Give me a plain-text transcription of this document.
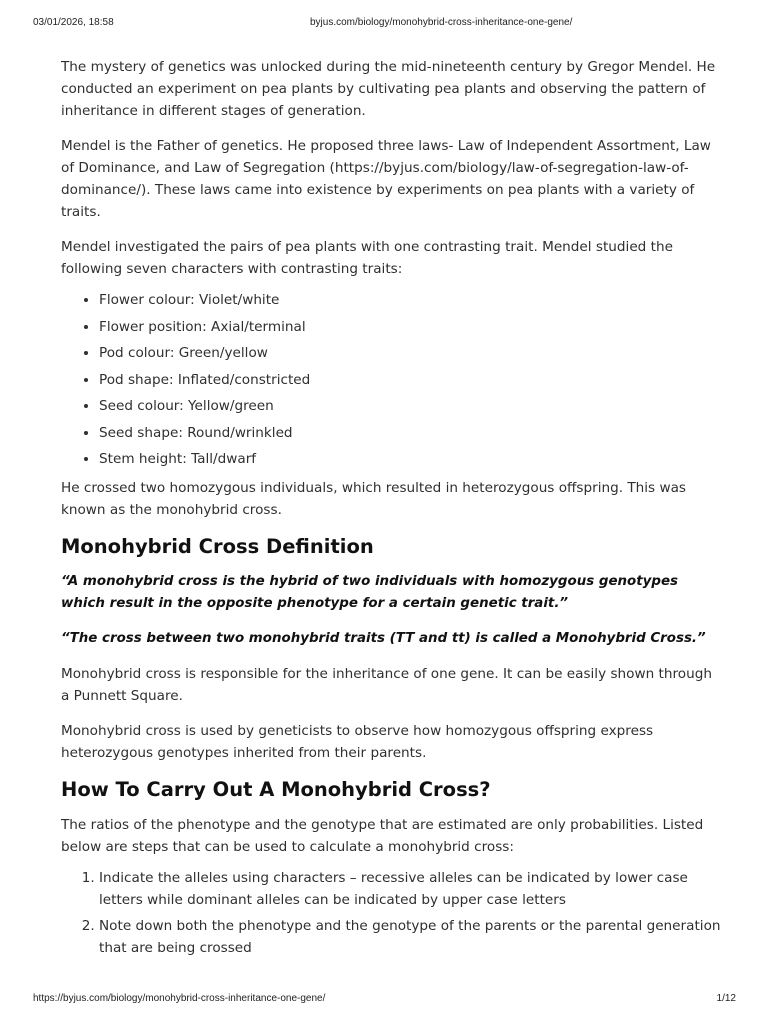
03/01/2026, 18:58	byjus.com/biology/monohybrid-cross-inheritance-one-gene/

The mystery of genetics was unlocked during the mid-nineteenth century by Gregor Mendel. He conducted an experiment on pea plants by cultivating pea plants and observing the pattern of inheritance in different stages of generation.

Mendel is the Father of genetics. He proposed three laws- Law of Independent Assortment, Law of Dominance, and Law of Segregation (https://byjus.com/biology/law-of-segregation-law-of-dominance/). These laws came into existence by experiments on pea plants with a variety of traits.

Mendel investigated the pairs of pea plants with one contrasting trait. Mendel studied the following seven characters with contrasting traits:

• Flower colour: Violet/white
• Flower position: Axial/terminal
• Pod colour: Green/yellow
• Pod shape: Inflated/constricted
• Seed colour: Yellow/green
• Seed shape: Round/wrinkled
• Stem height: Tall/dwarf

He crossed two homozygous individuals, which resulted in heterozygous offspring. This was known as the monohybrid cross.

Monohybrid Cross Definition

“A monohybrid cross is the hybrid of two individuals with homozygous genotypes which result in the opposite phenotype for a certain genetic trait.”

“The cross between two monohybrid traits (TT and tt) is called a Monohybrid Cross.”

Monohybrid cross is responsible for the inheritance of one gene. It can be easily shown through a Punnett Square.

Monohybrid cross is used by geneticists to observe how homozygous offspring express heterozygous genotypes inherited from their parents.

How To Carry Out A Monohybrid Cross?

The ratios of the phenotype and the genotype that are estimated are only probabilities. Listed below are steps that can be used to calculate a monohybrid cross:

1. Indicate the alleles using characters – recessive alleles can be indicated by lower case letters while dominant alleles can be indicated by upper case letters
2. Note down both the phenotype and the genotype of the parents or the parental generation that are being crossed
https://byjus.com/biology/monohybrid-cross-inheritance-one-gene/	1/12
